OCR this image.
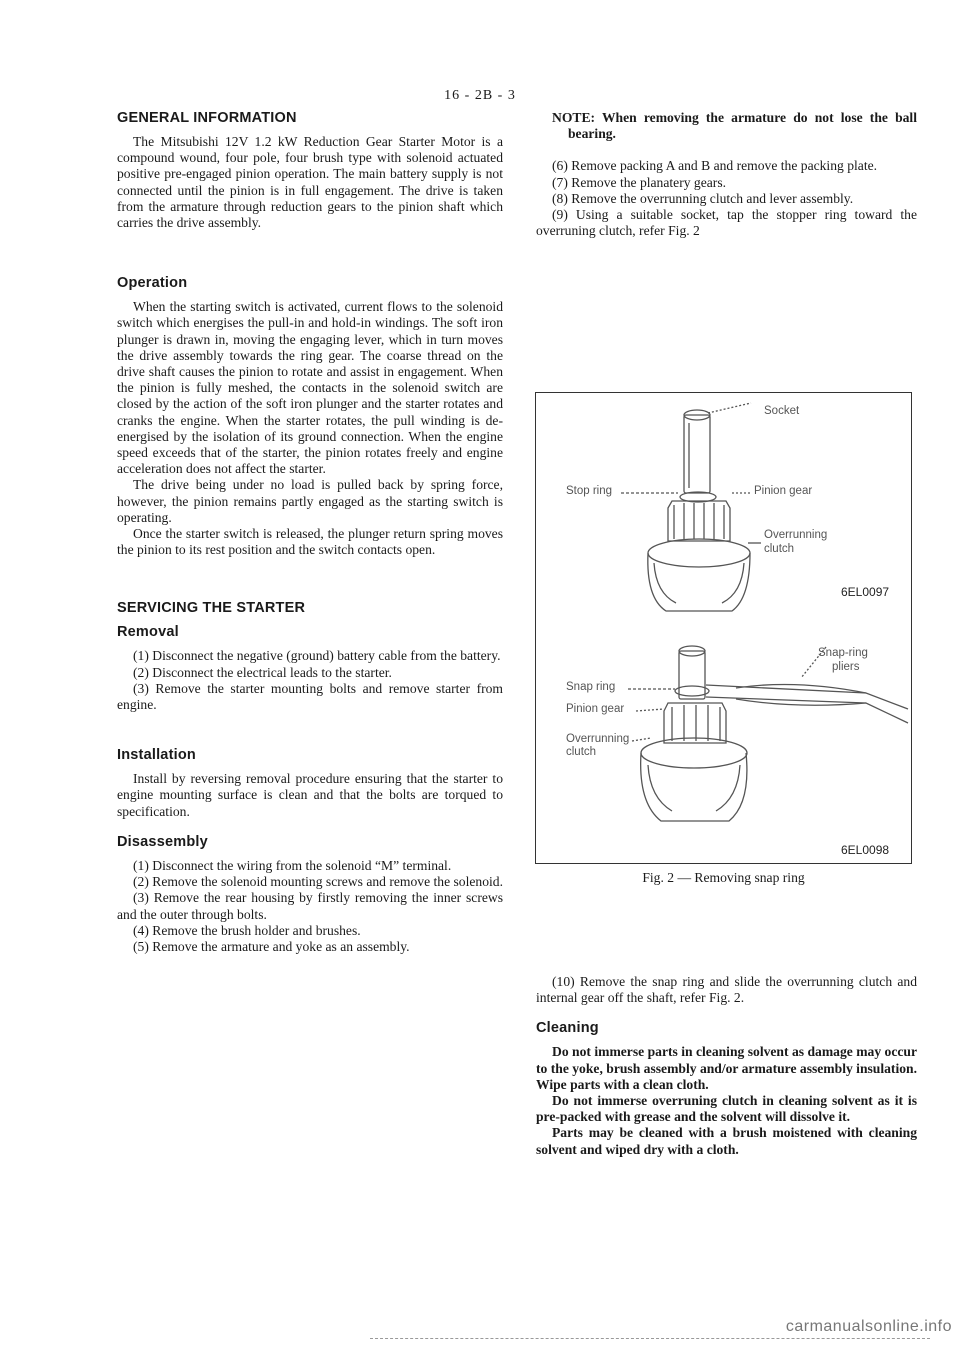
16 - 2B - 3
GENERAL INFORMATION

The Mitsubishi 12V 1.2 kW Reduction Gear Starter Motor is a compound wound, four pole, four brush type with solenoid actuated positive pre-engaged pinion operation. The main battery supply is not connected until the pinion is in full engagement. The drive is taken from the armature through reduction gears to the pinion shaft which carries the drive assembly.

Operation

When the starting switch is activated, current flows to the solenoid switch which energises the pull-in and hold-in windings. The soft iron plunger is drawn in, moving the engaging lever, which in turn moves the drive assembly towards the ring gear. The coarse thread on the drive shaft causes the pinion to rotate and assist in engagement. When the pinion is fully meshed, the contacts in the solenoid switch are closed by the action of the soft iron plunger and the starter rotates and cranks the engine. When the starter rotates, the pull winding is de-energised by the isolation of its ground connection. When the engine speed exceeds that of the starter, the pinion rotates freely and engine acceleration does not affect the starter.

The drive being under no load is pulled back by spring force, however, the pinion remains partly engaged as the starting switch is operating.

Once the starter switch is released, the plunger return spring moves the pinion to its rest position and the switch contacts open.

SERVICING THE STARTER
Removal

(1) Disconnect the negative (ground) battery cable from the battery.

(2) Disconnect the electrical leads to the starter.

(3) Remove the starter mounting bolts and remove starter from engine.

Installation

Install by reversing removal procedure ensuring that the starter to engine mounting surface is clean and that the bolts are torqued to specification.

Disassembly

(1) Disconnect the wiring from the solenoid “M” terminal.

(2) Remove the solenoid mounting screws and remove the solenoid.

(3) Remove the rear housing by firstly removing the inner screws and the outer through bolts.

(4) Remove the brush holder and brushes.

(5) Remove the armature and yoke as an assembly.

NOTE: When removing the armature do not lose the ball bearing.

(6) Remove packing A and B and remove the packing plate.

(7) Remove the planatery gears.

(8) Remove the overrunning clutch and lever assembly.

(9) Using a suitable socket, tap the stopper ring toward the overruning clutch, refer Fig. 2

Socket
Stop ring	Pinion gear
Overrunning
clutch
6EL0097
Snap-ring
pliers
Snap ring
Pinion gear
Overrunning
clutch
6EL0098
Fig. 2 — Removing snap ring

(10) Remove the snap ring and slide the overrunning clutch and internal gear off the shaft, refer Fig. 2.

Cleaning

Do not immerse parts in cleaning solvent as damage may occur to the yoke, brush assembly and/or armature assembly insulation. Wipe parts with a clean cloth.

Do not immerse overruning clutch in cleaning solvent as it is pre-packed with grease and the solvent will dissolve it.

Parts may be cleaned with a brush moistened with cleaning solvent and wiped dry with a cloth.

carmanualsonline.info
